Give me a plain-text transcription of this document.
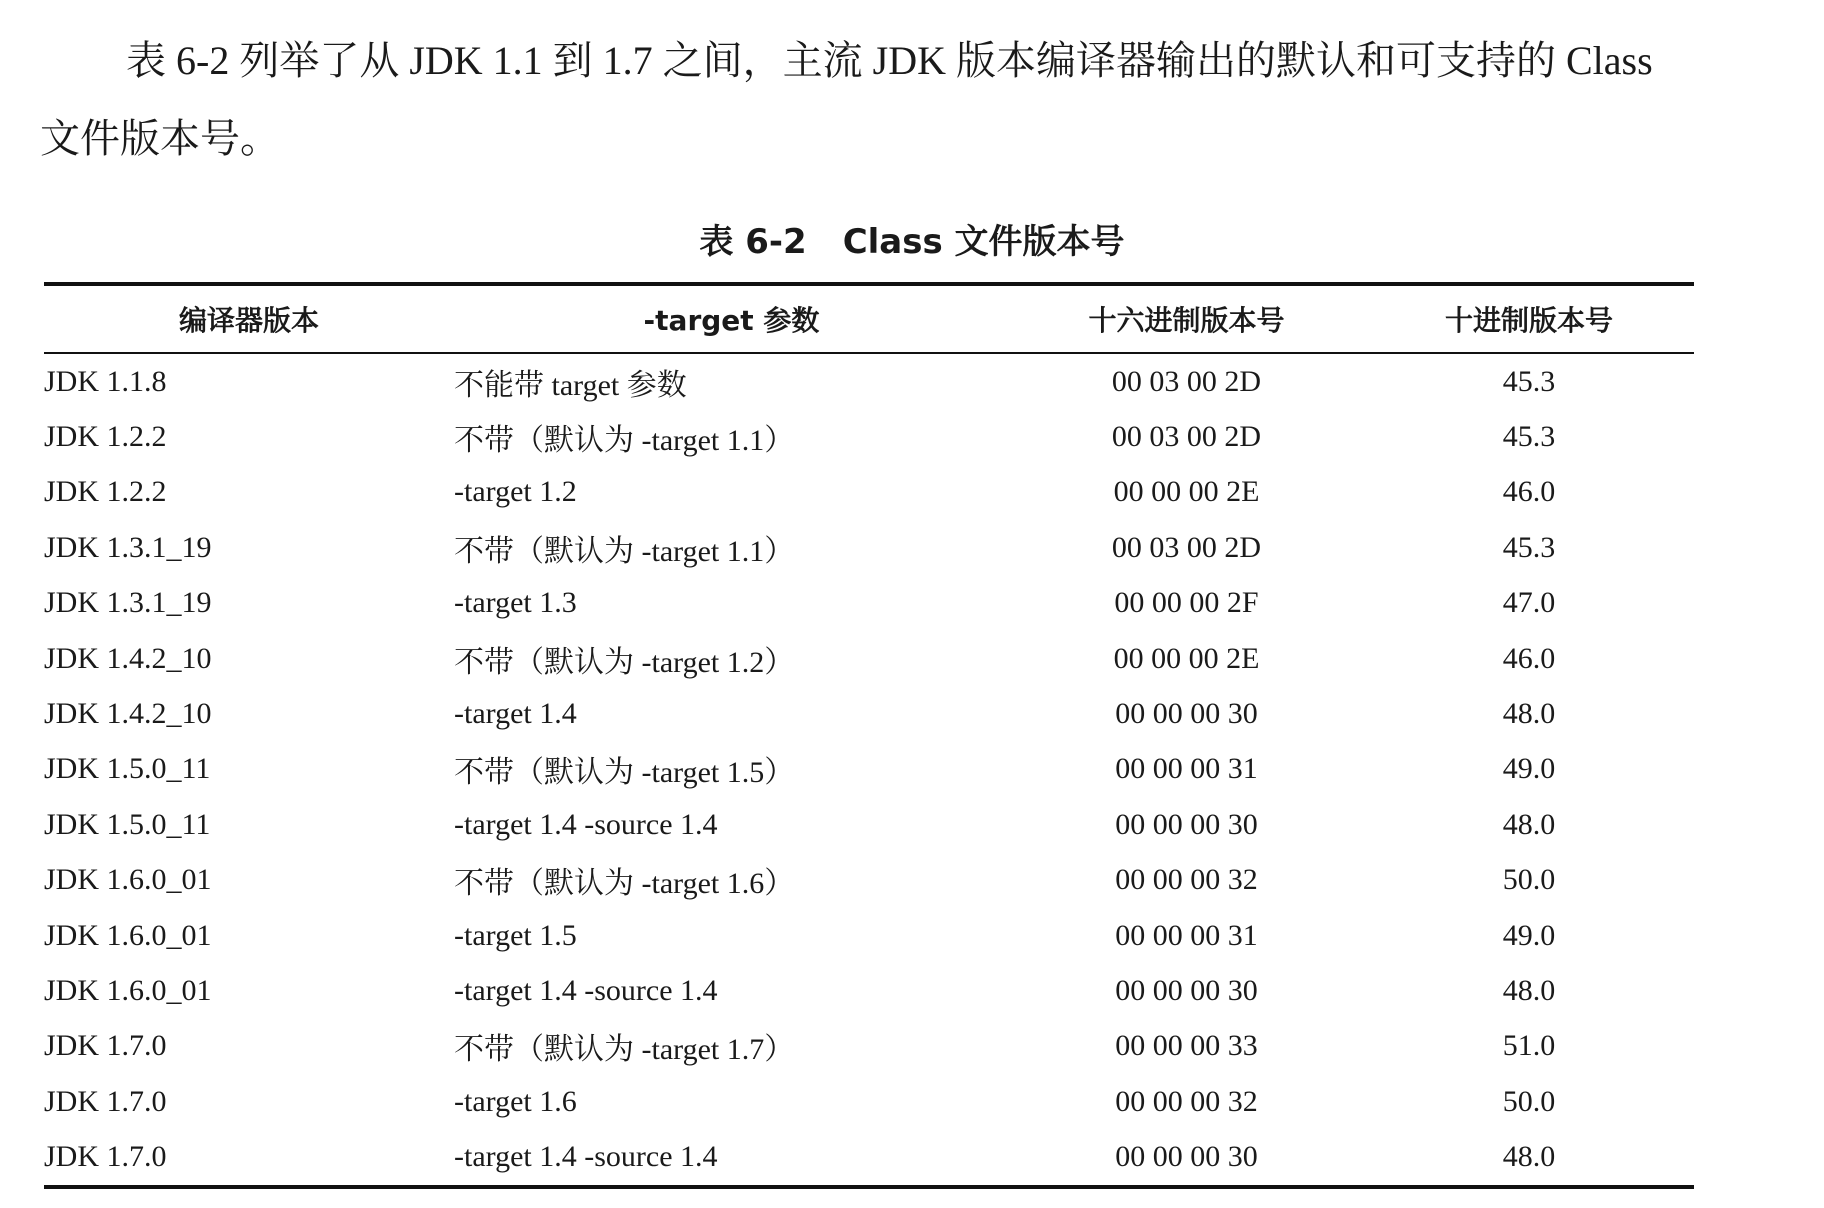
表 6-2 列举了从 JDK 1.1 到 1.7 之间，主流 JDK 版本编译器输出的默认和可支持的 Class 文件版本号。

表 6-2 Class 文件版本号
编译器版本	-target 参数	十六进制版本号	十进制版本号
JDK 1.1.8	不能带 target 参数	00 03 00 2D	45.3
JDK 1.2.2	不带（默认为 -target 1.1）	00 03 00 2D	45.3
JDK 1.2.2	-target 1.2	00 00 00 2E	46.0
JDK 1.3.1_19	不带（默认为 -target 1.1）	00 03 00 2D	45.3
JDK 1.3.1_19	-target 1.3	00 00 00 2F	47.0
JDK 1.4.2_10	不带（默认为 -target 1.2）	00 00 00 2E	46.0
JDK 1.4.2_10	-target 1.4	00 00 00 30	48.0
JDK 1.5.0_11	不带（默认为 -target 1.5）	00 00 00 31	49.0
JDK 1.5.0_11	-target 1.4 -source 1.4	00 00 00 30	48.0
JDK 1.6.0_01	不带（默认为 -target 1.6）	00 00 00 32	50.0
JDK 1.6.0_01	-target 1.5	00 00 00 31	49.0
JDK 1.6.0_01	-target 1.4 -source 1.4	00 00 00 30	48.0
JDK 1.7.0	不带（默认为 -target 1.7）	00 00 00 33	51.0
JDK 1.7.0	-target 1.6	00 00 00 32	50.0
JDK 1.7.0	-target 1.4 -source 1.4	00 00 00 30	48.0
